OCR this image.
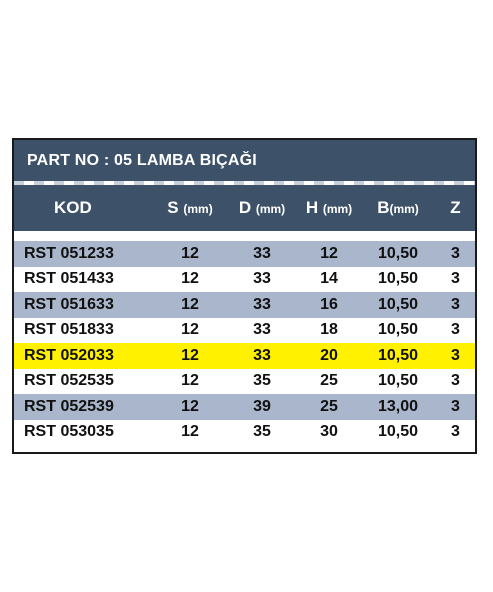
PART NO : 05 LAMBA BIÇAĞI
KOD	S (mm)	D (mm)	H (mm)	B(mm)	Z
RST 051233	12	33	12	10,50	3
RST 051433	12	33	14	10,50	3
RST 051633	12	33	16	10,50	3
RST 051833	12	33	18	10,50	3
RST 052033	12	33	20	10,50	3
RST 052535	12	35	25	10,50	3
RST 052539	12	39	25	13,00	3
RST 053035	12	35	30	10,50	3
